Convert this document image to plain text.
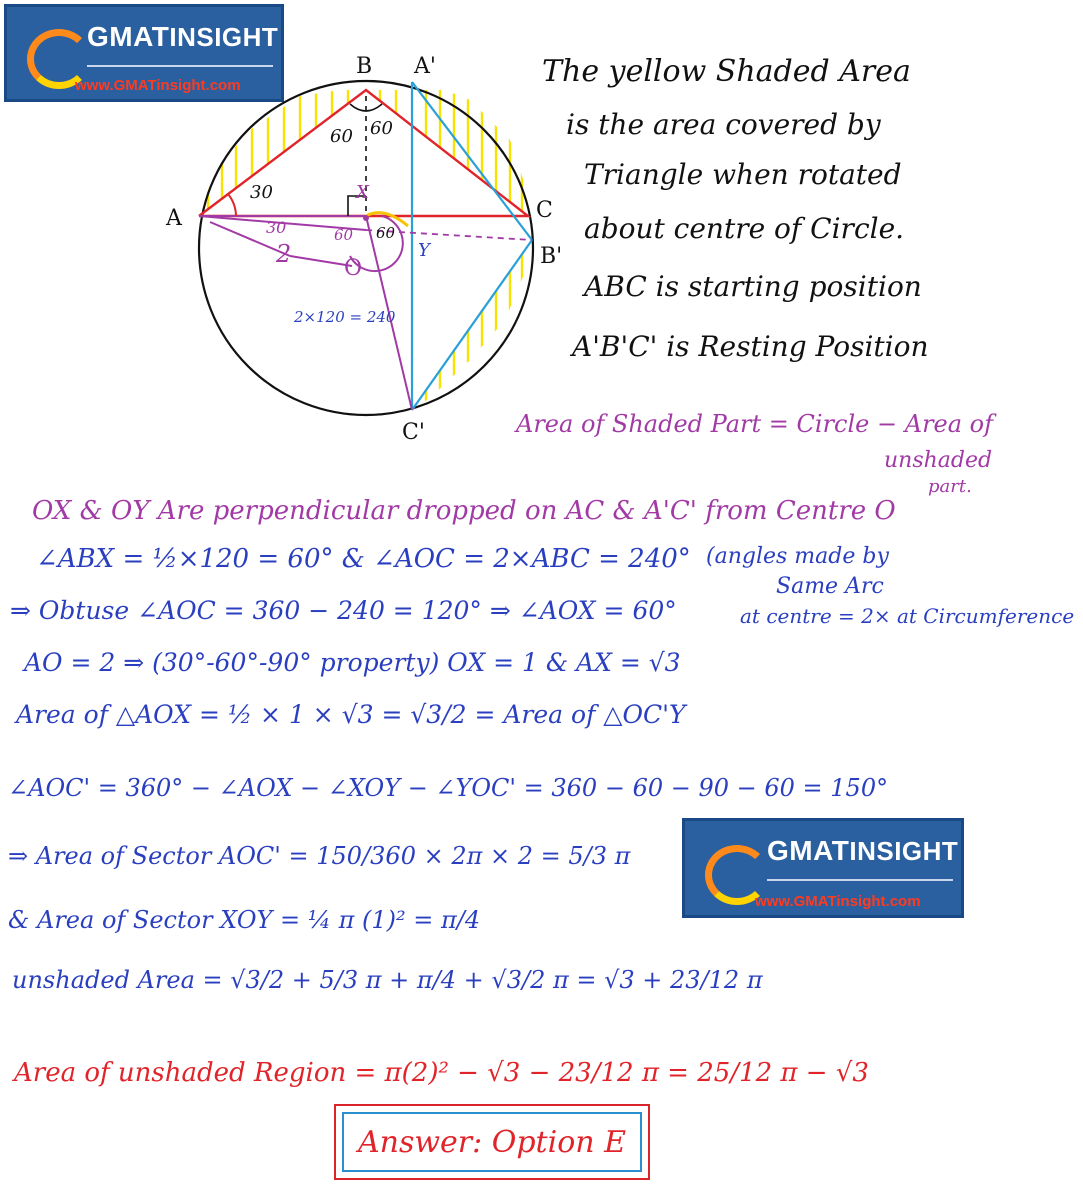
GMATINSIGHT
www.GMATinsight.com
B A'
A	C
B'
C'
O
X
Y
60 60
30
30	60 60
2
2×120 = 240
The yellow Shaded Area
is the area covered by
Triangle when rotated
about centre of Circle.
ABC is starting position
A'B'C' is Resting Position
Area of Shaded Part = Circle − Area of
unshaded
part.
OX & OY Are perpendicular dropped on AC & A'C' from Centre O
∠ABX = ½×120 = 60° & ∠AOC = 2×ABC = 240° (angles made by
Same Arc
at centre = 2× at Circumference
⇒ Obtuse ∠AOC = 360 − 240 = 120° ⇒ ∠AOX = 60°
AO = 2 ⇒ (30°-60°-90° property) OX = 1 & AX = √3
Area of △AOX = ½ × 1 × √3 = √3/2 = Area of △OC'Y
∠AOC' = 360° − ∠AOX − ∠XOY − ∠YOC' = 360 − 60 − 90 − 60 = 150°
⇒ Area of Sector AOC' = 150/360 × 2π × 2 = 5/3 π
& Area of Sector XOY = ¼ π (1)² = π/4
unshaded Area = √3/2 + 5/3 π + π/4 + √3/2 π = √3 + 23/12 π
Area of unshaded Region = π(2)² − √3 − 23/12 π = 25/12 π − √3
GMATINSIGHT
www.GMATinsight.com
Answer: Option E
